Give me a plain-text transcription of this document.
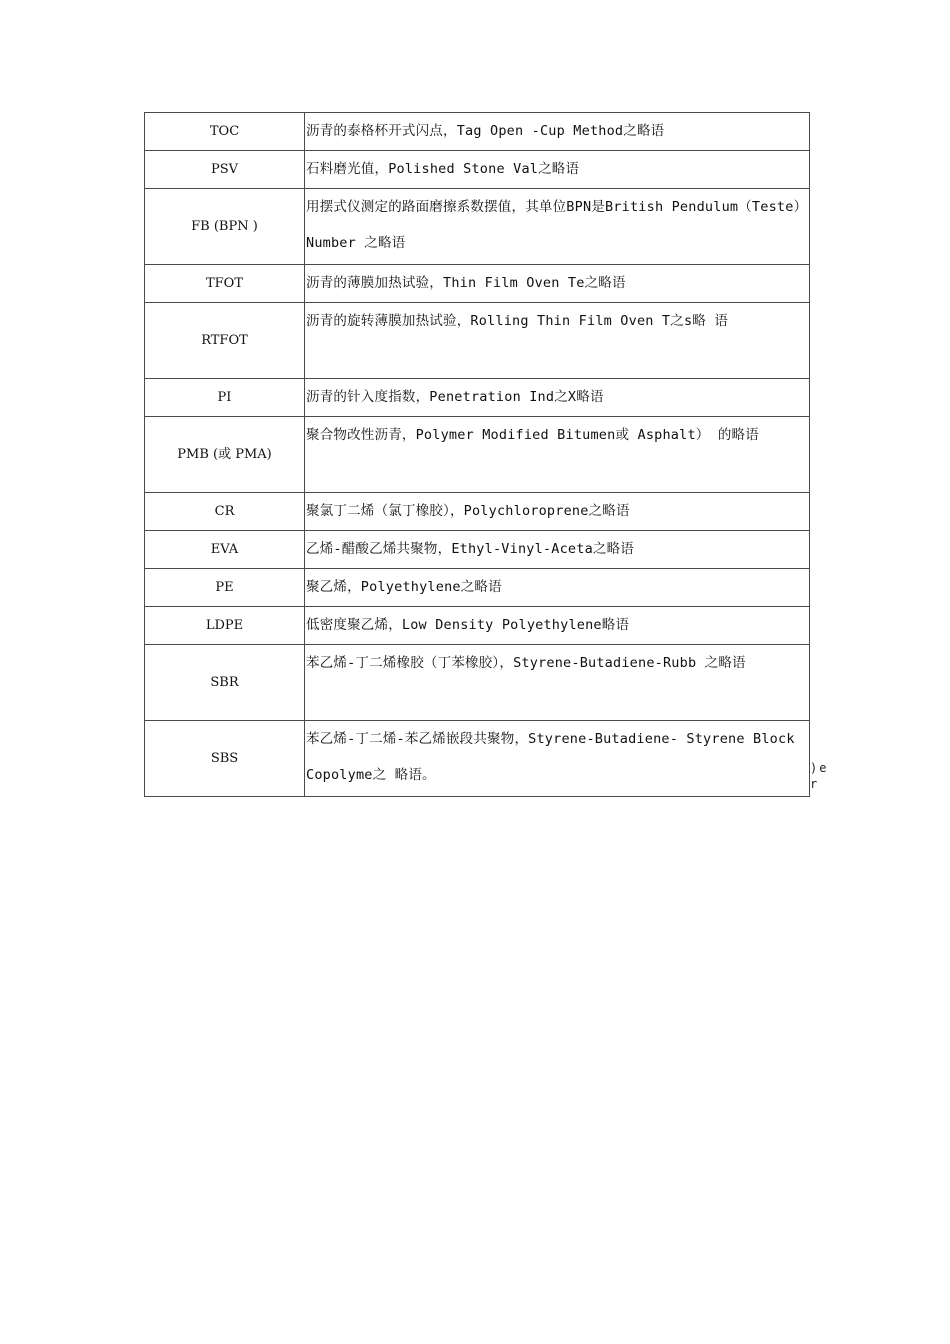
TOC	沥青的泰格杯开式闪点，Tag Open -Cup Method之略语

PSV	石料磨光值，Polished Stone Val之略语

FB (BPN )	用摆式仪测定的路面磨擦系数摆值，其单位BPN是British Pendulum（Teste）Number 之略语

TFOT	沥青的薄膜加热试验，Thin Film Oven Te之略语

RTFOT	沥青的旋转薄膜加热试验，Rolling Thin Film Oven T之s略 语

PI	沥青的针入度指数，Penetration Ind之X略语

PMB (或 PMA)	聚合物改性沥青，Polymer Modified Bitumen或 Asphalt） 的略语

CR	聚氯丁二烯（氯丁橡胶），Polychloroprene之略语

EVA	乙烯-醋酸乙烯共聚物，Ethyl-Vinyl-Aceta之略语

PE	聚乙烯，Polyethylene之略语

LDPE	低密度聚乙烯，Low Density Polyethylene略语

SBR	苯乙烯-丁二烯橡胶（丁苯橡胶），Styrene-Butadiene-Rubb 之略语

SBS	苯乙烯-丁二烯-苯乙烯嵌段共聚物，Styrene-Butadiene- Styrene Block Copolyme之 略语。	)e
r
